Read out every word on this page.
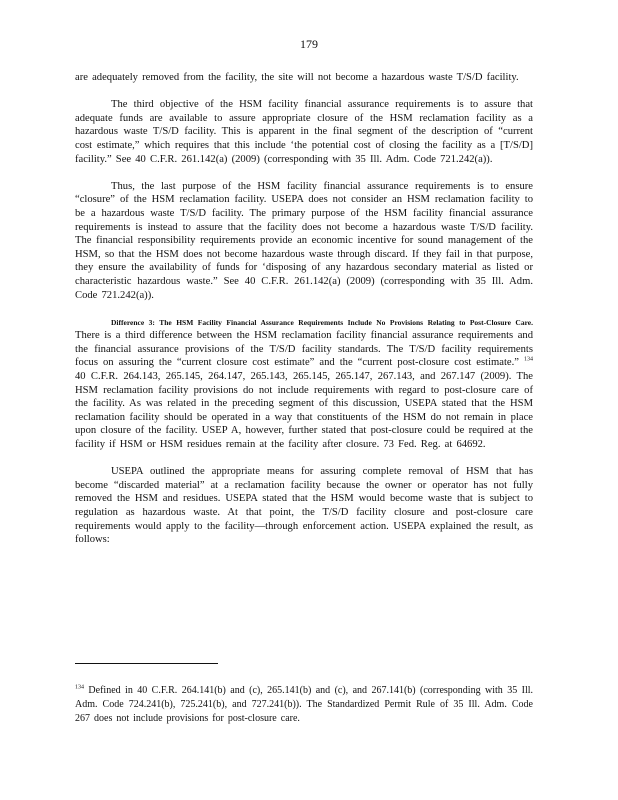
179

are adequately removed from the facility, the site will not become a hazardous waste T/S/D facility.

The third objective of the HSM facility financial assurance requirements is to assure that adequate funds are available to assure appropriate closure of the HSM reclamation facility as a hazardous waste T/S/D facility. This is apparent in the final segment of the description of “current cost estimate,” which requires that this include ‘the potential cost of closing the facility as a [T/S/D] facility.” See 40 C.F.R. 261.142(a) (2009) (corresponding with 35 Ill. Adm. Code 721.242(a)).

Thus, the last purpose of the HSM facility financial assurance requirements is to ensure “closure” of the HSM reclamation facility. USEPA does not consider an HSM reclamation facility to be a hazardous waste T/S/D facility. The primary purpose of the HSM facility financial assurance requirements is instead to assure that the facility does not become a hazardous waste T/S/D facility. The financial responsibility requirements provide an economic incentive for sound management of the HSM, so that the HSM does not become hazardous waste through discard. If they fail in that purpose, they ensure the availability of funds for ‘disposing of any hazardous secondary material as listed or characteristic hazardous waste.” See 40 C.F.R. 261.142(a) (2009) (corresponding with 35 Ill. Adm. Code 721.242(a)).

Difference 3: The HSM Facility Financial Assurance Requirements Include No Provisions Relating to Post-Closure Care. There is a third difference between the HSM reclamation facility financial assurance requirements and the financial assurance provisions of the T/S/D facility standards. The T/S/D facility requirements focus on assuring the “current closure cost estimate” and the “current post-closure cost estimate.” $^{134}$ 40 C.F.R. 264.143, 265.145, 264.147, 265.143, 265.145, 265.147, 267.143, and 267.147 (2009). The HSM reclamation facility provisions do not include requirements with regard to post-closure care of the facility. As was related in the preceding segment of this discussion, USEPA stated that the HSM reclamation facility should be operated in a way that constituents of the HSM do not remain in place upon closure of the facility. USEP A, however, further stated that post-closure could be required at the facility if HSM or HSM residues remain at the facility after closure. 73 Fed. Reg. at 64692.

USEPA outlined the appropriate means for assuring complete removal of HSM that has become “discarded material” at a reclamation facility because the owner or operator has not fully removed the HSM and residues. USEPA stated that the HSM would become waste that is subject to regulation as hazardous waste. At that point, the T/S/D facility closure and post-closure care requirements would apply to the facility—through enforcement action. USEPA explained the result, as follows:

$^{134}$ Defined in 40 C.F.R. 264.141(b) and (c), 265.141(b) and (c), and 267.141(b) (corresponding with 35 Ill. Adm. Code 724.241(b), 725.241(b), and 727.241(b)). The Standardized Permit Rule of 35 Ill. Adm. Code 267 does not include provisions for post-closure care.
